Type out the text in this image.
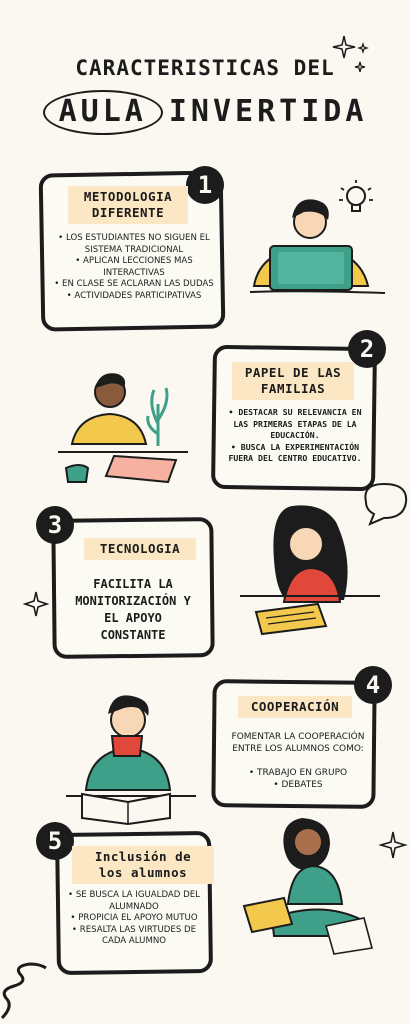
CARACTERISTICAS DEL
AULA INVERTIDA
1
METODOLOGIA DIFERENTE
• LOS ESTUDIANTES NO SIGUEN EL SISTEMA TRADICIONAL
• APLICAN LECCIONES MAS INTERACTIVAS
• EN CLASE SE ACLARAN LAS DUDAS
• ACTIVIDADES PARTICIPATIVAS
2
PAPEL DE LAS FAMILIAS
• DESTACAR SU RELEVANCIA EN LAS PRIMERAS ETAPAS DE LA EDUCACIÓN.
• BUSCA LA EXPERIMENTACIÓN FUERA DEL CENTRO EDUCATIVO.
3
TECNOLOGIA
FACILITA LA MONITORIZACIÓN Y EL APOYO CONSTANTE
4
COOPERACIÓN
FOMENTAR LA COOPERACIÓN ENTRE LOS ALUMNOS COMO:
• TRABAJO EN GRUPO
• DEBATES
5
Inclusión de los alumnos
• SE BUSCA LA IGUALDAD DEL ALUMNADO
• PROPICIA EL APOYO MUTUO
• RESALTA LAS VIRTUDES DE CADA ALUMNO
